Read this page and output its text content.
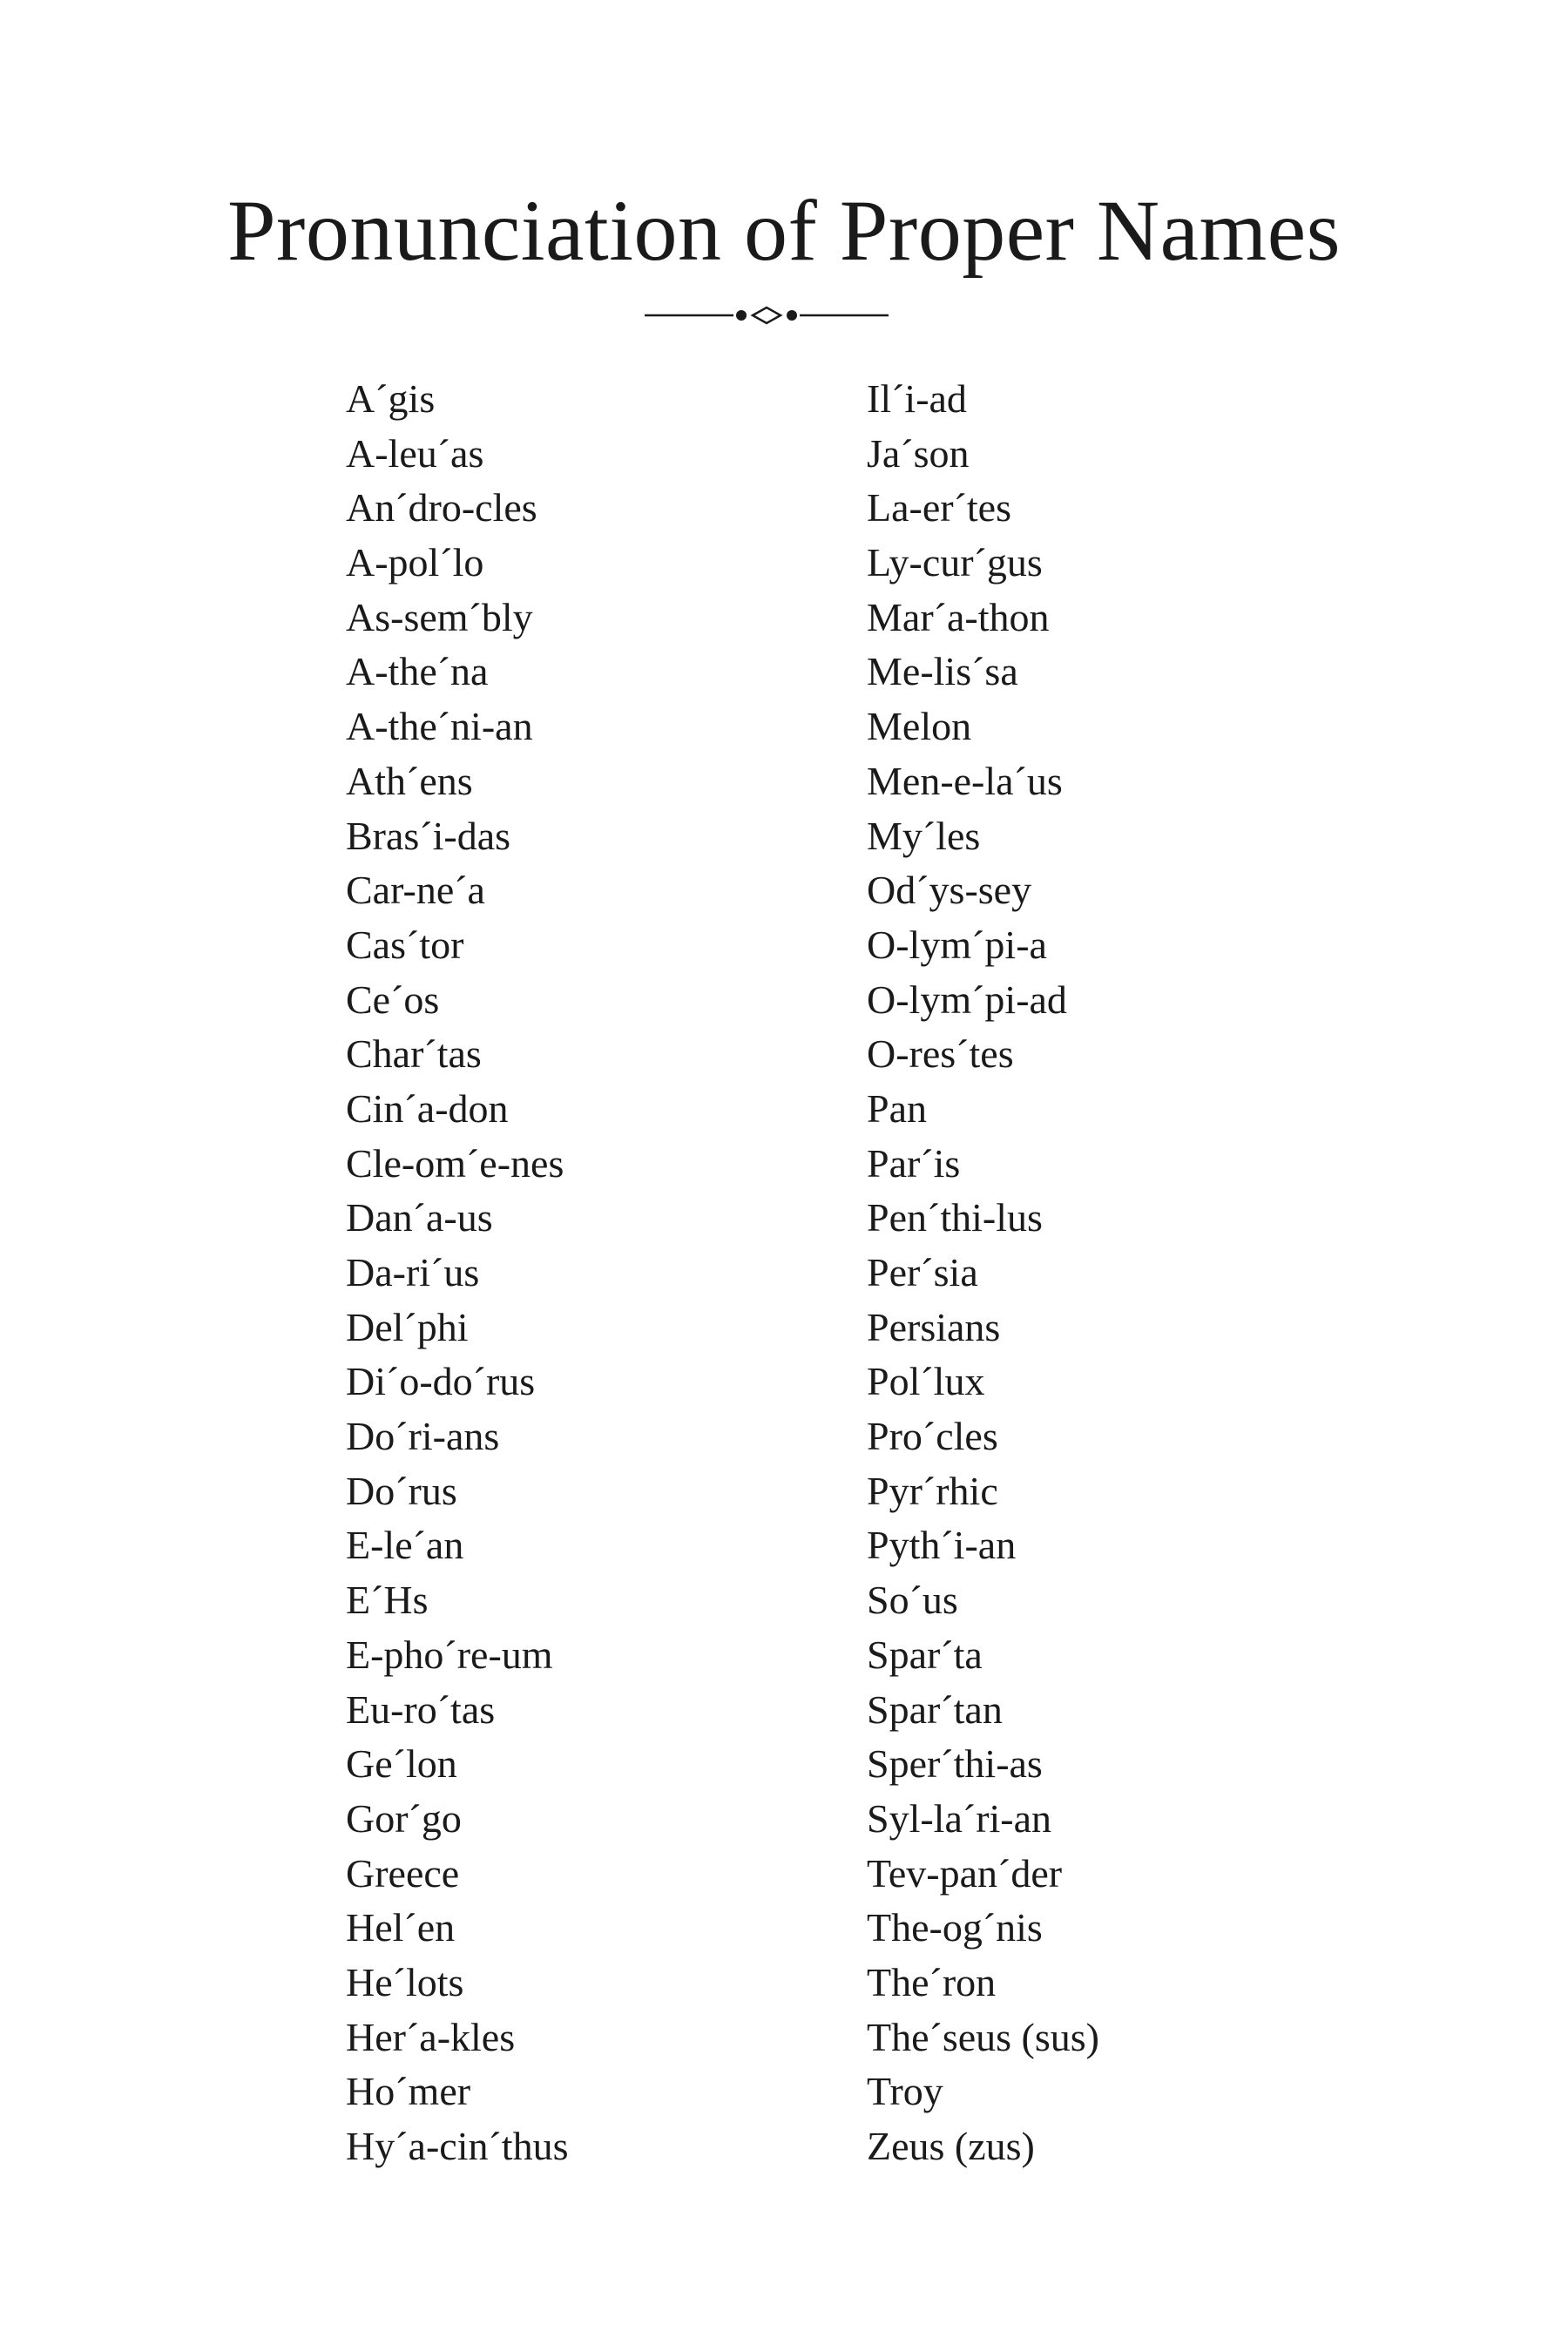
Pronunciation of Proper Names
A´gis
A-leu´as
An´dro-cles
A-pol´lo
As-sem´bly
A-the´na
A-the´ni-an
Ath´ens
Bras´i-das
Car-ne´a
Cas´tor
Ce´os
Char´tas
Cin´a-don
Cle-om´e-nes
Dan´a-us
Da-ri´us
Del´phi
Di´o-do´rus
Do´ri-ans
Do´rus
E-le´an
E´Hs
E-pho´re-um
Eu-ro´tas
Ge´lon
Gor´go
Greece
Hel´en
He´lots
Her´a-kles
Ho´mer
Hy´a-cin´thus
Il´i-ad
Ja´son
La-er´tes
Ly-cur´gus
Mar´a-thon
Me-lis´sa
Melon
Men-e-la´us
My´les
Od´ys-sey
O-lym´pi-a
O-lym´pi-ad
O-res´tes
Pan
Par´is
Pen´thi-lus
Per´sia
Persians
Pol´lux
Pro´cles
Pyr´rhic
Pyth´i-an
So´us
Spar´ta
Spar´tan
Sper´thi-as
Syl-la´ri-an
Tev-pan´der
The-og´nis
The´ron
The´seus (sus)
Troy
Zeus (zus)
